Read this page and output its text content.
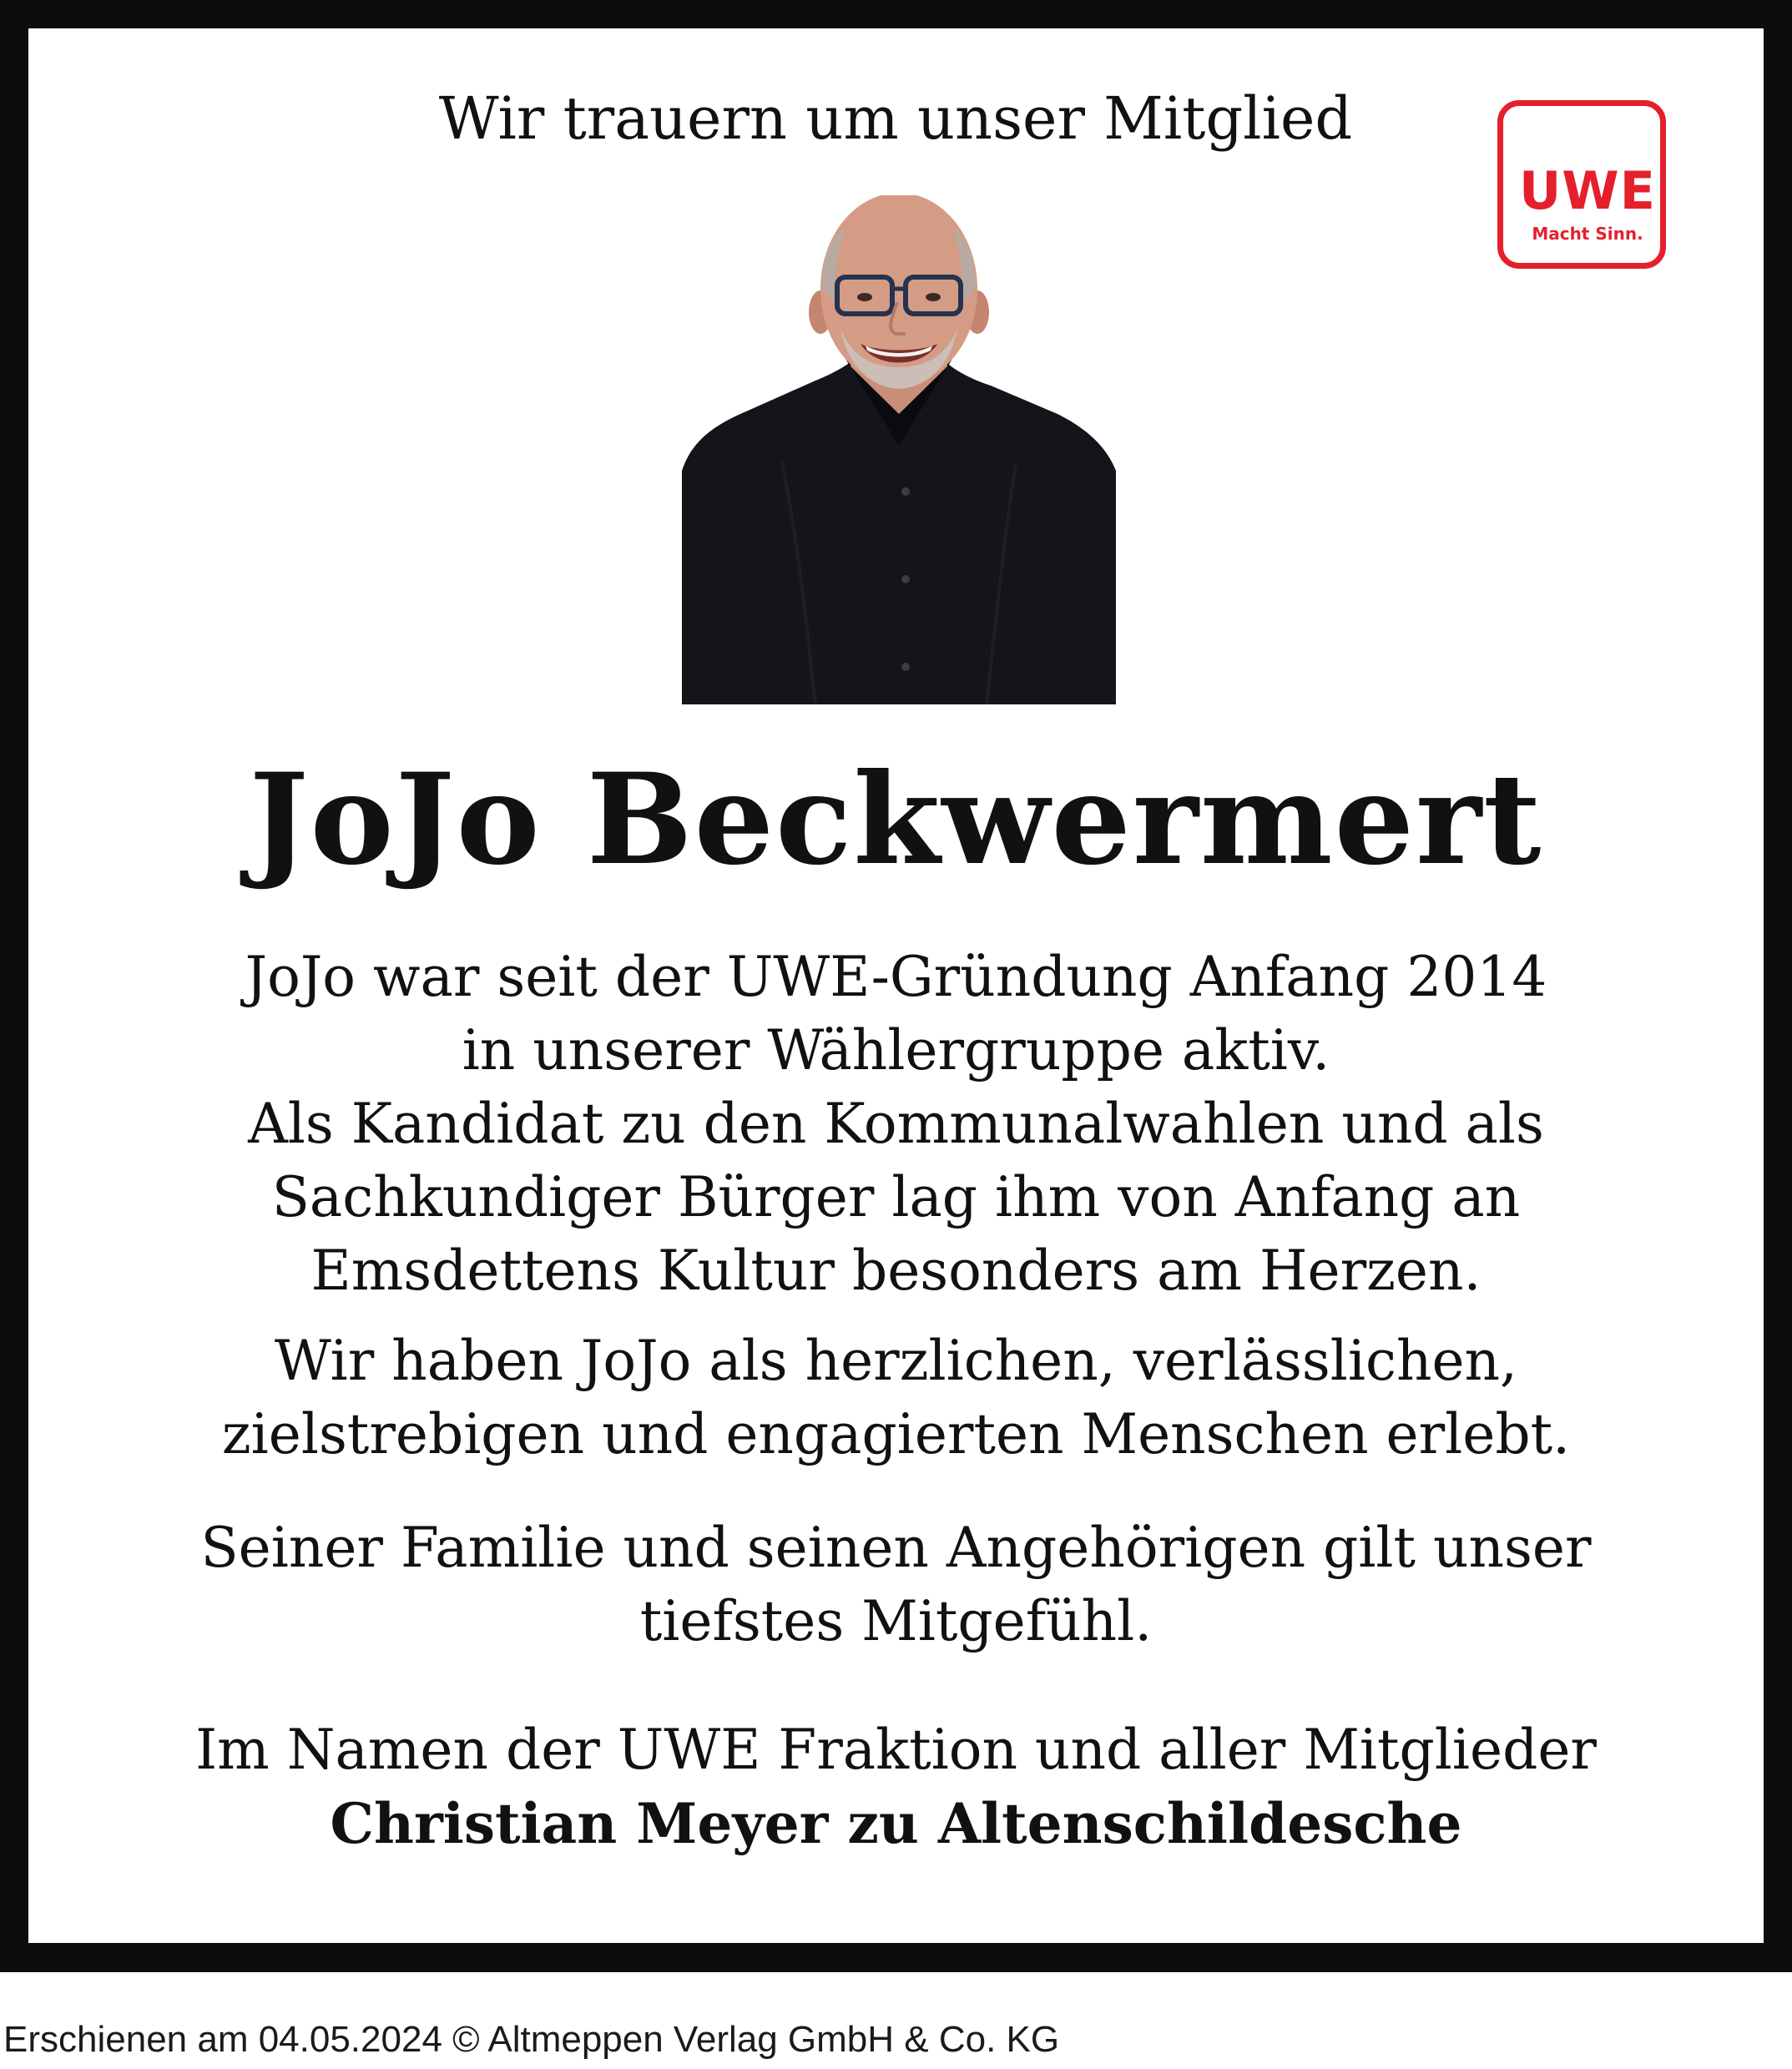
Wir trauern um unser Mitglied
UWE
Macht Sinn.
JoJo Beckwermert
JoJo war seit der UWE-Gründung Anfang 2014
in unserer Wählergruppe aktiv.
Als Kandidat zu den Kommunalwahlen und als
Sachkundiger Bürger lag ihm von Anfang an
Emsdettens Kultur besonders am Herzen.
Wir haben JoJo als herzlichen, verlässlichen,
zielstrebigen und engagierten Menschen erlebt.
Seiner Familie und seinen Angehörigen gilt unser
tiefstes Mitgefühl.
Im Namen der UWE Fraktion und aller Mitglieder
Christian Meyer zu Altenschildesche
Erschienen am 04.05.2024 © Altmeppen Verlag GmbH & Co. KG
